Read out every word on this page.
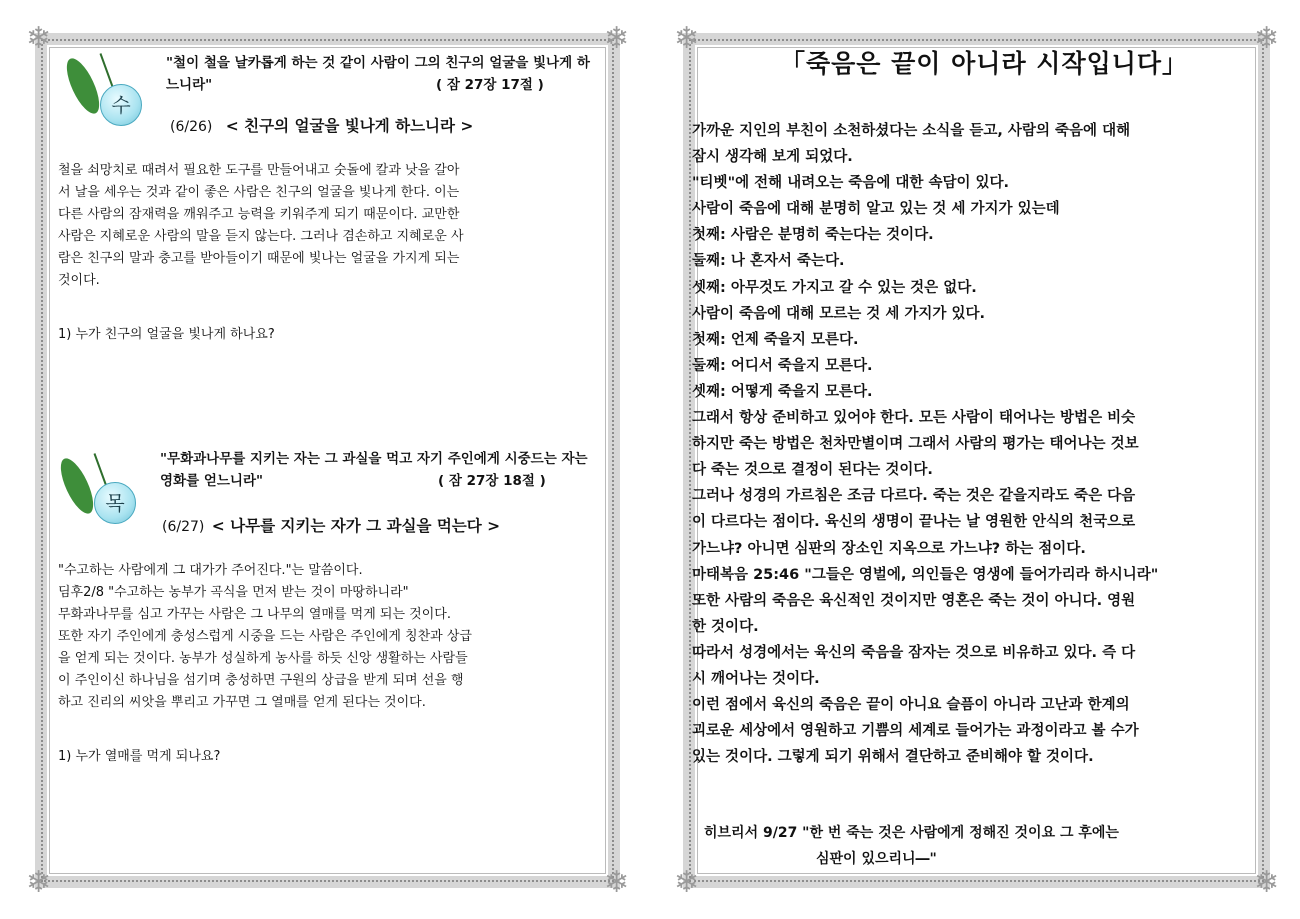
❄	❄
❄	❄
수
"철이 철을 날카롭게 하는 것 같이 사람이 그의 친구의 얼굴을 빛나게 하느니라"	( 잠 27장 17절 )
(6/26) < 친구의 얼굴을 빛나게 하느니라 >
철을 쇠망치로 때려서 필요한 도구를 만들어내고 숫돌에 칼과 낫을 갈아
서 날을 세우는 것과 같이 좋은 사람은 친구의 얼굴을 빛나게 한다. 이는
다른 사람의 잠재력을 깨워주고 능력을 키워주게 되기 때문이다. 교만한
사람은 지혜로운 사람의 말을 듣지 않는다. 그러나 겸손하고 지혜로운 사
람은 친구의 말과 충고를 받아들이기 때문에 빛나는 얼굴을 가지게 되는
것이다.
1) 누가 친구의 얼굴을 빛나게 하나요?
목
"무화과나무를 지키는 자는 그 과실을 먹고 자기 주인에게 시중드는 자는 영화를 얻느니라"	( 잠 27장 18절 )
(6/27) < 나무를 지키는 자가 그 과실을 먹는다 >
"수고하는 사람에게 그 대가가 주어진다."는 말씀이다.
딤후2/8 "수고하는 농부가 곡식을 먼저 받는 것이 마땅하니라"
무화과나무를 심고 가꾸는 사람은 그 나무의 열매를 먹게 되는 것이다.
또한 자기 주인에게 충성스럽게 시중을 드는 사람은 주인에게 칭찬과 상급
을 얻게 되는 것이다. 농부가 성실하게 농사를 하듯 신앙 생활하는 사람들
이 주인이신 하나님을 섬기며 충성하면 구원의 상급을 받게 되며 선을 행
하고 진리의 씨앗을 뿌리고 가꾸면 그 열매를 얻게 된다는 것이다.
1) 누가 열매를 먹게 되나요?
❄	❄
❄	❄
「죽음은 끝이 아니라 시작입니다」
가까운 지인의 부친이 소천하셨다는 소식을 듣고, 사람의 죽음에 대해
잠시 생각해 보게 되었다.
"티벳"에 전해 내려오는 죽음에 대한 속담이 있다.
사람이 죽음에 대해 분명히 알고 있는 것 세 가지가 있는데
첫째: 사람은 분명히 죽는다는 것이다.
둘째: 나 혼자서 죽는다.
셋째: 아무것도 가지고 갈 수 있는 것은 없다.
사람이 죽음에 대해 모르는 것 세 가지가 있다.
첫째: 언제 죽을지 모른다.
둘째: 어디서 죽을지 모른다.
셋째: 어떻게 죽을지 모른다.
그래서 항상 준비하고 있어야 한다. 모든 사람이 태어나는 방법은 비슷
하지만 죽는 방법은 천차만별이며 그래서 사람의 평가는 태어나는 것보
다 죽는 것으로 결정이 된다는 것이다.
그러나 성경의 가르침은 조금 다르다. 죽는 것은 같을지라도 죽은 다음
이 다르다는 점이다. 육신의 생명이 끝나는 날 영원한 안식의 천국으로
가느냐? 아니면 심판의 장소인 지옥으로 가느냐? 하는 점이다.
마태복음 25:46 "그들은 영벌에, 의인들은 영생에 들어가리라 하시니라"
또한 사람의 죽음은 육신적인 것이지만 영혼은 죽는 것이 아니다. 영원
한 것이다.
따라서 성경에서는 육신의 죽음을 잠자는 것으로 비유하고 있다. 즉 다
시 깨어나는 것이다.
이런 점에서 육신의 죽음은 끝이 아니요 슬픔이 아니라 고난과 한계의
괴로운 세상에서 영원하고 기쁨의 세계로 들어가는 과정이라고 볼 수가
있는 것이다. 그렇게 되기 위해서 결단하고 준비해야 할 것이다.
히브리서 9/27 "한 번 죽는 것은 사람에게 정해진 것이요 그 후에는
심판이 있으리니―"
